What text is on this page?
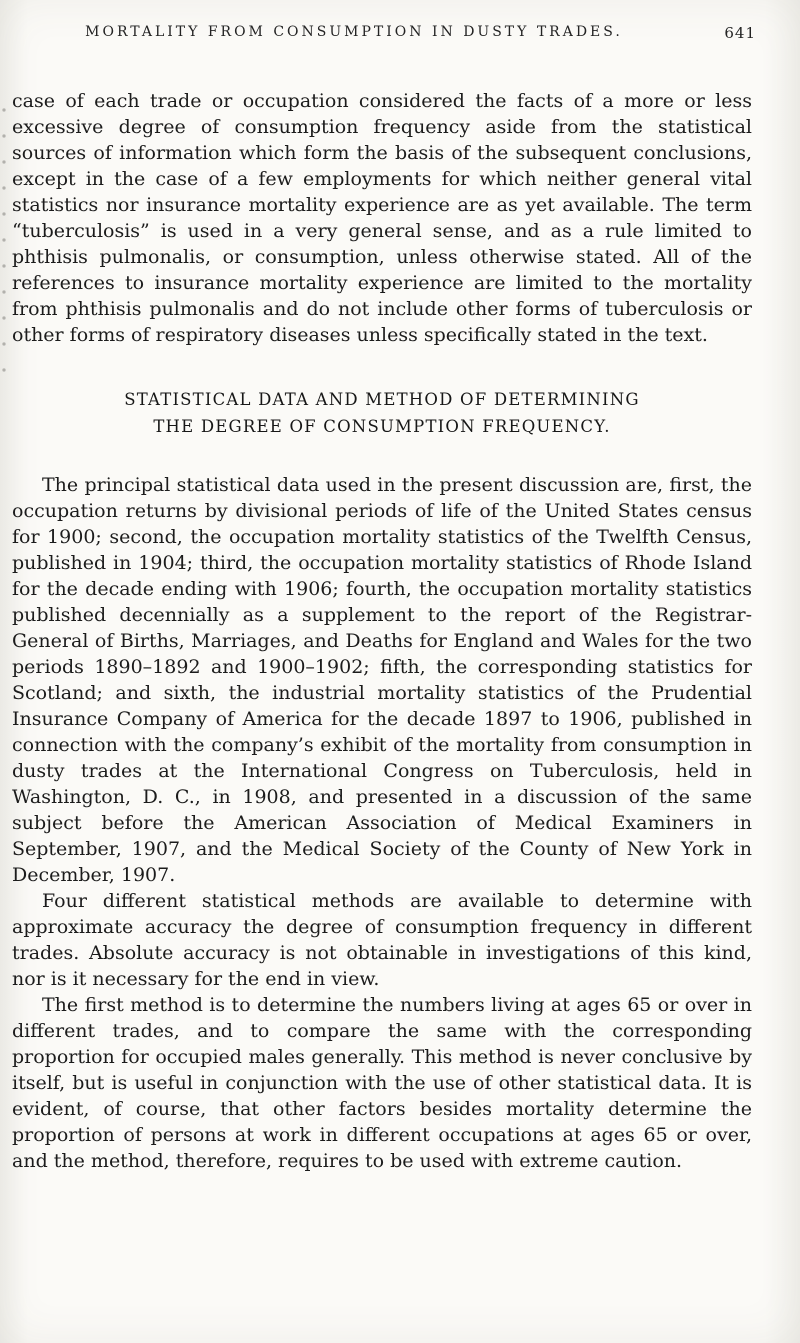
MORTALITY FROM CONSUMPTION IN DUSTY TRADES.	641

case of each trade or occupation considered the facts of a more or less excessive degree of consumption frequency aside from the statistical sources of information which form the basis of the subsequent conclusions, except in the case of a few employments for which neither general vital statistics nor insurance mortality experience are as yet available. The term “tuberculosis” is used in a very general sense, and as a rule limited to phthisis pulmonalis, or consumption, unless otherwise stated. All of the references to insurance mortality experience are limited to the mortality from phthisis pulmonalis and do not include other forms of tuberculosis or other forms of respiratory diseases unless specifically stated in the text.

STATISTICAL DATA AND METHOD OF DETERMINING
THE DEGREE OF CONSUMPTION FREQUENCY.

The principal statistical data used in the present discussion are, first, the occupation returns by divisional periods of life of the United States census for 1900; second, the occupation mortality statistics of the Twelfth Census, published in 1904; third, the occupation mortality statistics of Rhode Island for the decade ending with 1906; fourth, the occupation mortality statistics published decennially as a supplement to the report of the Registrar-General of Births, Marriages, and Deaths for England and Wales for the two periods 1890–1892 and 1900–1902; fifth, the corresponding statistics for Scotland; and sixth, the industrial mortality statistics of the Prudential Insurance Company of America for the decade 1897 to 1906, published in connection with the company’s exhibit of the mortality from consumption in dusty trades at the International Congress on Tuberculosis, held in Washington, D. C., in 1908, and presented in a discussion of the same subject before the American Association of Medical Examiners in September, 1907, and the Medical Society of the County of New York in December, 1907.

Four different statistical methods are available to determine with approximate accuracy the degree of consumption frequency in different trades. Absolute accuracy is not obtainable in investigations of this kind, nor is it necessary for the end in view.

The first method is to determine the numbers living at ages 65 or over in different trades, and to compare the same with the corresponding proportion for occupied males generally. This method is never conclusive by itself, but is useful in conjunction with the use of other statistical data. It is evident, of course, that other factors besides mortality determine the proportion of persons at work in different occupations at ages 65 or over, and the method, therefore, requires to be used with extreme caution.
